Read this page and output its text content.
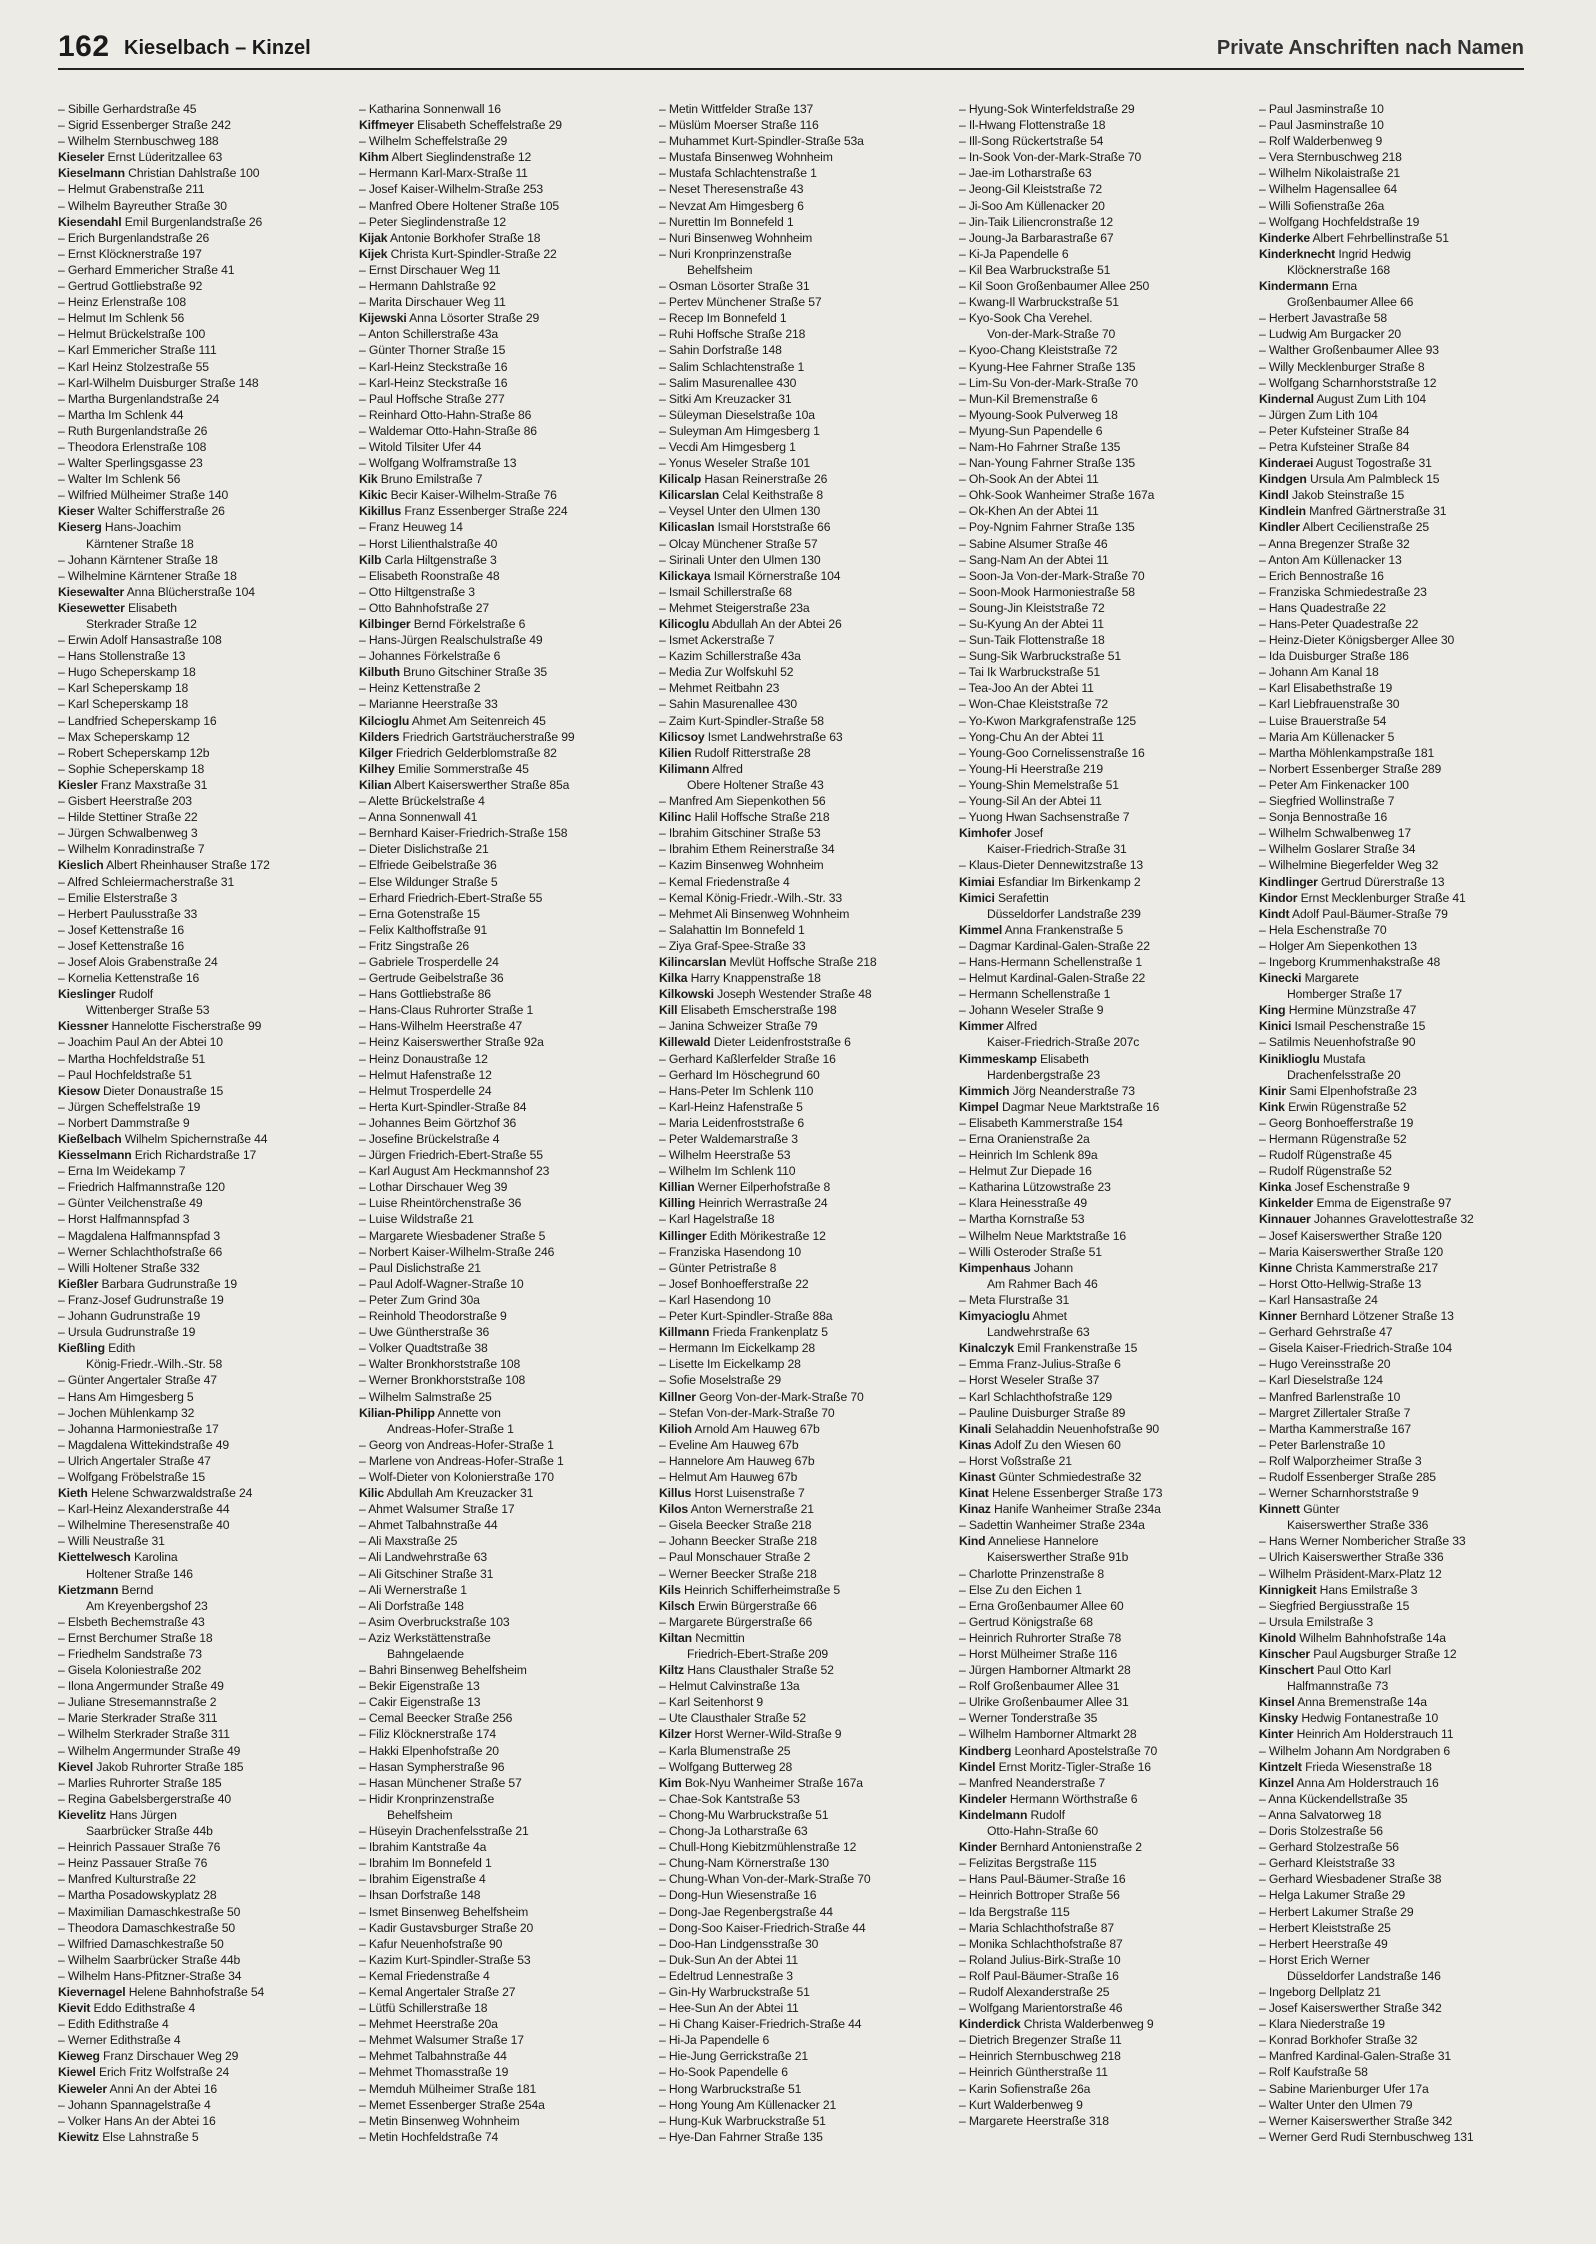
162 Kieselbach – Kinzel	Private Anschriften nach Namen
– Sibille Gerhardstraße 45
– Sigrid Essenberger Straße 242
– Wilhelm Sternbuschweg 188
Kieseler Ernst Lüderitzallee 63
Kieselmann Christian Dahlstraße 100
– Helmut Grabenstraße 211
– Wilhelm Bayreuther Straße 30
Kiesendahl Emil Burgenlandstraße 26
– Erich Burgenlandstraße 26
– Ernst Klöcknerstraße 197
– Gerhard Emmericher Straße 41
– Gertrud Gottliebstraße 92
– Heinz Erlenstraße 108
– Helmut Im Schlenk 56
– Helmut Brückelstraße 100
– Karl Emmericher Straße 111
– Karl Heinz Stolzestraße 55
– Karl-Wilhelm Duisburger Straße 148
– Martha Burgenlandstraße 24
– Martha Im Schlenk 44
– Ruth Burgenlandstraße 26
– Theodora Erlenstraße 108
– Walter Sperlingsgasse 23
– Walter Im Schlenk 56
– Wilfried Mülheimer Straße 140
Kieser Walter Schifferstraße 26
Kieserg Hans-Joachim
Kärntener Straße 18
– Johann Kärntener Straße 18
– Wilhelmine Kärntener Straße 18
Kiesewalter Anna Blücherstraße 104
Kiesewetter Elisabeth
Sterkrader Straße 12
– Erwin Adolf Hansastraße 108
– Hans Stollenstraße 13
– Hugo Scheperskamp 18
– Karl Scheperskamp 18
– Karl Scheperskamp 18
– Landfried Scheperskamp 16
– Max Scheperskamp 12
– Robert Scheperskamp 12b
– Sophie Scheperskamp 18
Kiesler Franz Maxstraße 31
– Gisbert Heerstraße 203
– Hilde Stettiner Straße 22
– Jürgen Schwalbenweg 3
– Wilhelm Konradinstraße 7
Kieslich Albert Rheinhauser Straße 172
– Alfred Schleiermacherstraße 31
– Emilie Elsterstraße 3
– Herbert Paulusstraße 33
– Josef Kettenstraße 16
– Josef Kettenstraße 16
– Josef Alois Grabenstraße 24
– Kornelia Kettenstraße 16
Kieslinger Rudolf
Wittenberger Straße 53
Kiessner Hannelotte Fischerstraße 99
– Joachim Paul An der Abtei 10
– Martha Hochfeldstraße 51
– Paul Hochfeldstraße 51
Kiesow Dieter Donaustraße 15
– Jürgen Scheffelstraße 19
– Norbert Dammstraße 9
Kießelbach Wilhelm Spichernstraße 44
Kiesselmann Erich Richardstraße 17
– Erna Im Weidekamp 7
– Friedrich Halfmannstraße 120
– Günter Veilchenstraße 49
– Horst Halfmannspfad 3
– Magdalena Halfmannspfad 3
– Werner Schlachthofstraße 66
– Willi Holtener Straße 332
Kießler Barbara Gudrunstraße 19
– Franz-Josef Gudrunstraße 19
– Johann Gudrunstraße 19
– Ursula Gudrunstraße 19
Kießling Edith
König-Friedr.-Wilh.-Str. 58
– Günter Angertaler Straße 47
– Hans Am Himgesberg 5
– Jochen Mühlenkamp 32
– Johanna Harmoniestraße 17
– Magdalena Wittekindstraße 49
– Ulrich Angertaler Straße 47
– Wolfgang Fröbelstraße 15
Kieth Helene Schwarzwaldstraße 24
– Karl-Heinz Alexanderstraße 44
– Wilhelmine Theresenstraße 40
– Willi Neustraße 31
Kiettelwesch Karolina
Holtener Straße 146
Kietzmann Bernd
Am Kreyenbergshof 23
– Elsbeth Bechemstraße 43
– Ernst Berchumer Straße 18
– Friedhelm Sandstraße 73
– Gisela Koloniestraße 202
– Ilona Angermunder Straße 49
– Juliane Stresemannstraße 2
– Marie Sterkrader Straße 311
– Wilhelm Sterkrader Straße 311
– Wilhelm Angermunder Straße 49
Kievel Jakob Ruhrorter Straße 185
– Marlies Ruhrorter Straße 185
– Regina Gabelsbergerstraße 40
Kievelitz Hans Jürgen
Saarbrücker Straße 44b
– Heinrich Passauer Straße 76
– Heinz Passauer Straße 76
– Manfred Kulturstraße 22
– Martha Posadowskyplatz 28
– Maximilian Damaschkestraße 50
– Theodora Damaschkestraße 50
– Wilfried Damaschkestraße 50
– Wilhelm Saarbrücker Straße 44b
– Wilhelm Hans-Pfitzner-Straße 34
Kievernagel Helene Bahnhofstraße 54
Kievit Eddo Edithstraße 4
– Edith Edithstraße 4
– Werner Edithstraße 4
Kieweg Franz Dirschauer Weg 29
Kiewel Erich Fritz Wolfstraße 24
Kieweler Anni An der Abtei 16
– Johann Spannagelstraße 4
– Volker Hans An der Abtei 16
Kiewitz Else Lahnstraße 5
– Katharina Sonnenwall 16
Kiffmeyer Elisabeth Scheffelstraße 29
– Wilhelm Scheffelstraße 29
Kihm Albert Sieglindenstraße 12
– Hermann Karl-Marx-Straße 11
– Josef Kaiser-Wilhelm-Straße 253
– Manfred Obere Holtener Straße 105
– Peter Sieglindenstraße 12
Kijak Antonie Borkhofer Straße 18
Kijek Christa Kurt-Spindler-Straße 22
– Ernst Dirschauer Weg 11
– Hermann Dahlstraße 92
– Marita Dirschauer Weg 11
Kijewski Anna Lösorter Straße 29
– Anton Schillerstraße 43a
– Günter Thorner Straße 15
– Karl-Heinz Steckstraße 16
– Karl-Heinz Steckstraße 16
– Paul Hoffsche Straße 277
– Reinhard Otto-Hahn-Straße 86
– Waldemar Otto-Hahn-Straße 86
– Witold Tilsiter Ufer 44
– Wolfgang Wolframstraße 13
Kik Bruno Emilstraße 7
Kikic Becir Kaiser-Wilhelm-Straße 76
Kikillus Franz Essenberger Straße 224
– Franz Heuweg 14
– Horst Lilienthalstraße 40
Kilb Carla Hiltgenstraße 3
– Elisabeth Roonstraße 48
– Otto Hiltgenstraße 3
– Otto Bahnhofstraße 27
Kilbinger Bernd Förkelstraße 6
– Hans-Jürgen Realschulstraße 49
– Johannes Förkelstraße 6
Kilbuth Bruno Gitschiner Straße 35
– Heinz Kettenstraße 2
– Marianne Heerstraße 33
Kilcioglu Ahmet Am Seitenreich 45
Kilders Friedrich Gartsträucherstraße 99
Kilger Friedrich Gelderblomstraße 82
Kilhey Emilie Sommerstraße 45
Kilian Albert Kaiserswerther Straße 85a
– Alette Brückelstraße 4
– Anna Sonnenwall 41
– Bernhard Kaiser-Friedrich-Straße 158
– Dieter Dislichstraße 21
– Elfriede Geibelstraße 36
– Else Wildunger Straße 5
– Erhard Friedrich-Ebert-Straße 55
– Erna Gotenstraße 15
– Felix Kalthoffstraße 91
– Fritz Singstraße 26
– Gabriele Trosperdelle 24
– Gertrude Geibelstraße 36
– Hans Gottliebstraße 86
– Hans-Claus Ruhrorter Straße 1
– Hans-Wilhelm Heerstraße 47
– Heinz Kaiserswerther Straße 92a
– Heinz Donaustraße 12
– Helmut Hafenstraße 12
– Helmut Trosperdelle 24
– Herta Kurt-Spindler-Straße 84
– Johannes Beim Görtzhof 36
– Josefine Brückelstraße 4
– Jürgen Friedrich-Ebert-Straße 55
– Karl August Am Heckmannshof 23
– Lothar Dirschauer Weg 39
– Luise Rheintörchenstraße 36
– Luise Wildstraße 21
– Margarete Wiesbadener Straße 5
– Norbert Kaiser-Wilhelm-Straße 246
– Paul Dislichstraße 21
– Paul Adolf-Wagner-Straße 10
– Peter Zum Grind 30a
– Reinhold Theodorstraße 9
– Uwe Güntherstraße 36
– Volker Quadtstraße 38
– Walter Bronkhorststraße 108
– Werner Bronkhorststraße 108
– Wilhelm Salmstraße 25
Kilian-Philipp Annette von
Andreas-Hofer-Straße 1
– Georg von Andreas-Hofer-Straße 1
– Marlene von Andreas-Hofer-Straße 1
– Wolf-Dieter von Kolonierstraße 170
Kilic Abdullah Am Kreuzacker 31
– Ahmet Walsumer Straße 17
– Ahmet Talbahnstraße 44
– Ali Maxstraße 25
– Ali Landwehrstraße 63
– Ali Gitschiner Straße 31
– Ali Wernerstraße 1
– Ali Dorfstraße 148
– Asim Overbruckstraße 103
– Aziz Werkstättenstraße
Bahngelaende
– Bahri Binsenweg Behelfsheim
– Bekir Eigenstraße 13
– Cakir Eigenstraße 13
– Cemal Beecker Straße 256
– Filiz Klöcknerstraße 174
– Hakki Elpenhofstraße 20
– Hasan Sympherstraße 96
– Hasan Münchener Straße 57
– Hidir Kronprinzenstraße
Behelfsheim
– Hüseyin Drachenfelsstraße 21
– Ibrahim Kantstraße 4a
– Ibrahim Im Bonnefeld 1
– Ibrahim Eigenstraße 4
– Ihsan Dorfstraße 148
– Ismet Binsenweg Behelfsheim
– Kadir Gustavsburger Straße 20
– Kafur Neuenhofstraße 90
– Kazim Kurt-Spindler-Straße 53
– Kemal Friedenstraße 4
– Kemal Angertaler Straße 27
– Lütfü Schillerstraße 18
– Mehmet Heerstraße 20a
– Mehmet Walsumer Straße 17
– Mehmet Talbahnstraße 44
– Mehmet Thomasstraße 19
– Memduh Mülheimer Straße 181
– Memet Essenberger Straße 254a
– Metin Binsenweg Wohnheim
– Metin Hochfeldstraße 74
– Metin Wittfelder Straße 137
– Müslüm Moerser Straße 116
– Muhammet Kurt-Spindler-Straße 53a
– Mustafa Binsenweg Wohnheim
– Mustafa Schlachtenstraße 1
– Neset Theresenstraße 43
– Nevzat Am Himgesberg 6
– Nurettin Im Bonnefeld 1
– Nuri Binsenweg Wohnheim
– Nuri Kronprinzenstraße
Behelfsheim
– Osman Lösorter Straße 31
– Pertev Münchener Straße 57
– Recep Im Bonnefeld 1
– Ruhi Hoffsche Straße 218
– Sahin Dorfstraße 148
– Salim Schlachtenstraße 1
– Salim Masurenallee 430
– Sitki Am Kreuzacker 31
– Süleyman Dieselstraße 10a
– Suleyman Am Himgesberg 1
– Vecdi Am Himgesberg 1
– Yonus Weseler Straße 101
Kilicalp Hasan Reinerstraße 26
Kilicarslan Celal Keithstraße 8
– Veysel Unter den Ulmen 130
Kilicaslan Ismail Horststraße 66
– Olcay Münchener Straße 57
– Sirinali Unter den Ulmen 130
Kilickaya Ismail Körnerstraße 104
– Ismail Schillerstraße 68
– Mehmet Steigerstraße 23a
Kilicoglu Abdullah An der Abtei 26
– Ismet Ackerstraße 7
– Kazim Schillerstraße 43a
– Media Zur Wolfskuhl 52
– Mehmet Reitbahn 23
– Sahin Masurenallee 430
– Zaim Kurt-Spindler-Straße 58
Kilicsoy Ismet Landwehrstraße 63
Kilien Rudolf Ritterstraße 28
Kilimann Alfred
Obere Holtener Straße 43
– Manfred Am Siepenkothen 56
Kilinc Halil Hoffsche Straße 218
– Ibrahim Gitschiner Straße 53
– Ibrahim Ethem Reinerstraße 34
– Kazim Binsenweg Wohnheim
– Kemal Friedenstraße 4
– Kemal König-Friedr.-Wilh.-Str. 33
– Mehmet Ali Binsenweg Wohnheim
– Salahattin Im Bonnefeld 1
– Ziya Graf-Spee-Straße 33
Kilincarslan Mevlüt Hoffsche Straße 218
Kilka Harry Knappenstraße 18
Kilkowski Joseph Westender Straße 48
Kill Elisabeth Emscherstraße 198
– Janina Schweizer Straße 79
Killewald Dieter Leidenfroststraße 6
– Gerhard Kaßlerfelder Straße 16
– Gerhard Im Höschegrund 60
– Hans-Peter Im Schlenk 110
– Karl-Heinz Hafenstraße 5
– Maria Leidenfroststraße 6
– Peter Waldemarstraße 3
– Wilhelm Heerstraße 53
– Wilhelm Im Schlenk 110
Killian Werner Eilperhofstraße 8
Killing Heinrich Werrastraße 24
– Karl Hagelstraße 18
Killinger Edith Mörikestraße 12
– Franziska Hasendong 10
– Günter Petristraße 8
– Josef Bonhoefferstraße 22
– Karl Hasendong 10
– Peter Kurt-Spindler-Straße 88a
Killmann Frieda Frankenplatz 5
– Hermann Im Eickelkamp 28
– Lisette Im Eickelkamp 28
– Sofie Moselstraße 29
Killner Georg Von-der-Mark-Straße 70
– Stefan Von-der-Mark-Straße 70
Kilioh Arnold Am Hauweg 67b
– Eveline Am Hauweg 67b
– Hannelore Am Hauweg 67b
– Helmut Am Hauweg 67b
Killus Horst Luisenstraße 7
Kilos Anton Wernerstraße 21
– Gisela Beecker Straße 218
– Johann Beecker Straße 218
– Paul Monschauer Straße 2
– Werner Beecker Straße 218
Kils Heinrich Schifferheimstraße 5
Kilsch Erwin Bürgerstraße 66
– Margarete Bürgerstraße 66
Kiltan Necmittin
Friedrich-Ebert-Straße 209
Kiltz Hans Clausthaler Straße 52
– Helmut Calvinstraße 13a
– Karl Seitenhorst 9
– Ute Clausthaler Straße 52
Kilzer Horst Werner-Wild-Straße 9
– Karla Blumenstraße 25
– Wolfgang Butterweg 28
Kim Bok-Nyu Wanheimer Straße 167a
– Chae-Sok Kantstraße 53
– Chong-Mu Warbruckstraße 51
– Chong-Ja Lotharstraße 63
– Chull-Hong Kiebitzmühlenstraße 12
– Chung-Nam Körnerstraße 130
– Chung-Whan Von-der-Mark-Straße 70
– Dong-Hun Wiesenstraße 16
– Dong-Jae Regenbergstraße 44
– Dong-Soo Kaiser-Friedrich-Straße 44
– Doo-Han Lindgensstraße 30
– Duk-Sun An der Abtei 11
– Edeltrud Lennestraße 3
– Gin-Hy Warbruckstraße 51
– Hee-Sun An der Abtei 11
– Hi Chang Kaiser-Friedrich-Straße 44
– Hi-Ja Papendelle 6
– Hie-Jung Gerrickstraße 21
– Ho-Sook Papendelle 6
– Hong Warbruckstraße 51
– Hong Young Am Küllenacker 21
– Hung-Kuk Warbruckstraße 51
– Hye-Dan Fahrner Straße 135
– Hyung-Sok Winterfeldstraße 29
– Il-Hwang Flottenstraße 18
– Ill-Song Rückertstraße 54
– In-Sook Von-der-Mark-Straße 70
– Jae-im Lotharstraße 63
– Jeong-Gil Kleiststraße 72
– Ji-Soo Am Küllenacker 20
– Jin-Taik Liliencronstraße 12
– Joung-Ja Barbarastraße 67
– Ki-Ja Papendelle 6
– Kil Bea Warbruckstraße 51
– Kil Soon Großenbaumer Allee 250
– Kwang-Il Warbruckstraße 51
– Kyo-Sook Cha Verehel.
Von-der-Mark-Straße 70
– Kyoo-Chang Kleiststraße 72
– Kyung-Hee Fahrner Straße 135
– Lim-Su Von-der-Mark-Straße 70
– Mun-Kil Bremenstraße 6
– Myoung-Sook Pulverweg 18
– Myung-Sun Papendelle 6
– Nam-Ho Fahrner Straße 135
– Nan-Young Fahrner Straße 135
– Oh-Sook An der Abtei 11
– Ohk-Sook Wanheimer Straße 167a
– Ok-Khen An der Abtei 11
– Poy-Ngnim Fahrner Straße 135
– Sabine Alsumer Straße 46
– Sang-Nam An der Abtei 11
– Soon-Ja Von-der-Mark-Straße 70
– Soon-Mook Harmoniestraße 58
– Soung-Jin Kleiststraße 72
– Su-Kyung An der Abtei 11
– Sun-Taik Flottenstraße 18
– Sung-Sik Warbruckstraße 51
– Tai Ik Warbruckstraße 51
– Tea-Joo An der Abtei 11
– Won-Chae Kleiststraße 72
– Yo-Kwon Markgrafenstraße 125
– Yong-Chu An der Abtei 11
– Young-Goo Cornelissenstraße 16
– Young-Hi Heerstraße 219
– Young-Shin Memelstraße 51
– Young-Sil An der Abtei 11
– Yuong Hwan Sachsenstraße 7
Kimhofer Josef
Kaiser-Friedrich-Straße 31
– Klaus-Dieter Dennewitzstraße 13
Kimiai Esfandiar Im Birkenkamp 2
Kimici Serafettin
Düsseldorfer Landstraße 239
Kimmel Anna Frankenstraße 5
– Dagmar Kardinal-Galen-Straße 22
– Hans-Hermann Schellenstraße 1
– Helmut Kardinal-Galen-Straße 22
– Hermann Schellenstraße 1
– Johann Weseler Straße 9
Kimmer Alfred
Kaiser-Friedrich-Straße 207c
Kimmeskamp Elisabeth
Hardenbergstraße 23
Kimmich Jörg Neanderstraße 73
Kimpel Dagmar Neue Marktstraße 16
– Elisabeth Kammerstraße 154
– Erna Oranienstraße 2a
– Heinrich Im Schlenk 89a
– Helmut Zur Diepade 16
– Katharina Lützowstraße 23
– Klara Heinesstraße 49
– Martha Kornstraße 53
– Wilhelm Neue Marktstraße 16
– Willi Osteroder Straße 51
Kimpenhaus Johann
Am Rahmer Bach 46
– Meta Flurstraße 31
Kimyacioglu Ahmet
Landwehrstraße 63
Kinalczyk Emil Frankenstraße 15
– Emma Franz-Julius-Straße 6
– Horst Weseler Straße 37
– Karl Schlachthofstraße 129
– Pauline Duisburger Straße 89
Kinali Selahaddin Neuenhofstraße 90
Kinas Adolf Zu den Wiesen 60
– Horst Voßstraße 21
Kinast Günter Schmiedestraße 32
Kinat Helene Essenberger Straße 173
Kinaz Hanife Wanheimer Straße 234a
– Sadettin Wanheimer Straße 234a
Kind Anneliese Hannelore
Kaiserswerther Straße 91b
– Charlotte Prinzenstraße 8
– Else Zu den Eichen 1
– Erna Großenbaumer Allee 60
– Gertrud Königstraße 68
– Heinrich Ruhrorter Straße 78
– Horst Mülheimer Straße 116
– Jürgen Hamborner Altmarkt 28
– Rolf Großenbaumer Allee 31
– Ulrike Großenbaumer Allee 31
– Werner Tonderstraße 35
– Wilhelm Hamborner Altmarkt 28
Kindberg Leonhard Apostelstraße 70
Kindel Ernst Moritz-Tigler-Straße 16
– Manfred Neanderstraße 7
Kindeler Hermann Wörthstraße 6
Kindelmann Rudolf
Otto-Hahn-Straße 60
Kinder Bernhard Antonienstraße 2
– Felizitas Bergstraße 115
– Hans Paul-Bäumer-Straße 16
– Heinrich Bottroper Straße 56
– Ida Bergstraße 115
– Maria Schlachthofstraße 87
– Monika Schlachthofstraße 87
– Roland Julius-Birk-Straße 10
– Rolf Paul-Bäumer-Straße 16
– Rudolf Alexanderstraße 25
– Wolfgang Marientorstraße 46
Kinderdick Christa Walderbenweg 9
– Dietrich Bregenzer Straße 11
– Heinrich Sternbuschweg 218
– Heinrich Güntherstraße 11
– Karin Sofienstraße 26a
– Kurt Walderbenweg 9
– Margarete Heerstraße 318
– Paul Jasminstraße 10
– Paul Jasminstraße 10
– Rolf Walderbenweg 9
– Vera Sternbuschweg 218
– Wilhelm Nikolaistraße 21
– Wilhelm Hagensallee 64
– Willi Sofienstraße 26a
– Wolfgang Hochfeldstraße 19
Kinderke Albert Fehrbellinstraße 51
Kinderknecht Ingrid Hedwig
Klöcknerstraße 168
Kindermann Erna
Großenbaumer Allee 66
– Herbert Javastraße 58
– Ludwig Am Burgacker 20
– Walther Großenbaumer Allee 93
– Willy Mecklenburger Straße 8
– Wolfgang Scharnhorststraße 12
Kindernal August Zum Lith 104
– Jürgen Zum Lith 104
– Peter Kufsteiner Straße 84
– Petra Kufsteiner Straße 84
Kinderaei August Togostraße 31
Kindgen Ursula Am Palmbleck 15
Kindl Jakob Steinstraße 15
Kindlein Manfred Gärtnerstraße 31
Kindler Albert Cecilienstraße 25
– Anna Bregenzer Straße 32
– Anton Am Küllenacker 13
– Erich Bennostraße 16
– Franziska Schmiedestraße 23
– Hans Quadestraße 22
– Hans-Peter Quadestraße 22
– Heinz-Dieter Königsberger Allee 30
– Ida Duisburger Straße 186
– Johann Am Kanal 18
– Karl Elisabethstraße 19
– Karl Liebfrauenstraße 30
– Luise Brauerstraße 54
– Maria Am Küllenacker 5
– Martha Möhlenkampstraße 181
– Norbert Essenberger Straße 289
– Peter Am Finkenacker 100
– Siegfried Wollinstraße 7
– Sonja Bennostraße 16
– Wilhelm Schwalbenweg 17
– Wilhelm Goslarer Straße 34
– Wilhelmine Biegerfelder Weg 32
Kindlinger Gertrud Dürerstraße 13
Kindor Ernst Mecklenburger Straße 41
Kindt Adolf Paul-Bäumer-Straße 79
– Hela Eschenstraße 70
– Holger Am Siepenkothen 13
– Ingeborg Krummenhakstraße 48
Kinecki Margarete
Homberger Straße 17
King Hermine Münzstraße 47
Kinici Ismail Peschenstraße 15
– Satilmis Neuenhofstraße 90
Kiniklioglu Mustafa
Drachenfelsstraße 20
Kinir Sami Elpenhofstraße 23
Kink Erwin Rügenstraße 52
– Georg Bonhoefferstraße 19
– Hermann Rügenstraße 52
– Rudolf Rügenstraße 45
– Rudolf Rügenstraße 52
Kinka Josef Eschenstraße 9
Kinkelder Emma de Eigenstraße 97
Kinnauer Johannes Gravelottestraße 32
– Josef Kaiserswerther Straße 120
– Maria Kaiserswerther Straße 120
Kinne Christa Kammerstraße 217
– Horst Otto-Hellwig-Straße 13
– Karl Hansastraße 24
Kinner Bernhard Lötzener Straße 13
– Gerhard Gehrstraße 47
– Gisela Kaiser-Friedrich-Straße 104
– Hugo Vereinsstraße 20
– Karl Dieselstraße 124
– Manfred Barlenstraße 10
– Margret Zillertaler Straße 7
– Martha Kammerstraße 167
– Peter Barlenstraße 10
– Rolf Walporzheimer Straße 3
– Rudolf Essenberger Straße 285
– Werner Scharnhorststraße 9
Kinnett Günter
Kaiserswerther Straße 336
– Hans Werner Nombericher Straße 33
– Ulrich Kaiserswerther Straße 336
– Wilhelm Präsident-Marx-Platz 12
Kinnigkeit Hans Emilstraße 3
– Siegfried Bergiusstraße 15
– Ursula Emilstraße 3
Kinold Wilhelm Bahnhofstraße 14a
Kinscher Paul Augsburger Straße 12
Kinschert Paul Otto Karl
Halfmannstraße 73
Kinsel Anna Bremenstraße 14a
Kinsky Hedwig Fontanestraße 10
Kinter Heinrich Am Holderstrauch 11
– Wilhelm Johann Am Nordgraben 6
Kintzelt Frieda Wiesenstraße 18
Kinzel Anna Am Holderstrauch 16
– Anna Kückendellstraße 35
– Anna Salvatorweg 18
– Doris Stolzestraße 56
– Gerhard Stolzestraße 56
– Gerhard Kleiststraße 33
– Gerhard Wiesbadener Straße 38
– Helga Lakumer Straße 29
– Herbert Lakumer Straße 29
– Herbert Kleiststraße 25
– Herbert Heerstraße 49
– Horst Erich Werner
Düsseldorfer Landstraße 146
– Ingeborg Dellplatz 21
– Josef Kaiserswerther Straße 342
– Klara Niederstraße 19
– Konrad Borkhofer Straße 32
– Manfred Kardinal-Galen-Straße 31
– Rolf Kaufstraße 58
– Sabine Marienburger Ufer 17a
– Walter Unter den Ulmen 79
– Werner Kaiserswerther Straße 342
– Werner Gerd Rudi Sternbuschweg 131
